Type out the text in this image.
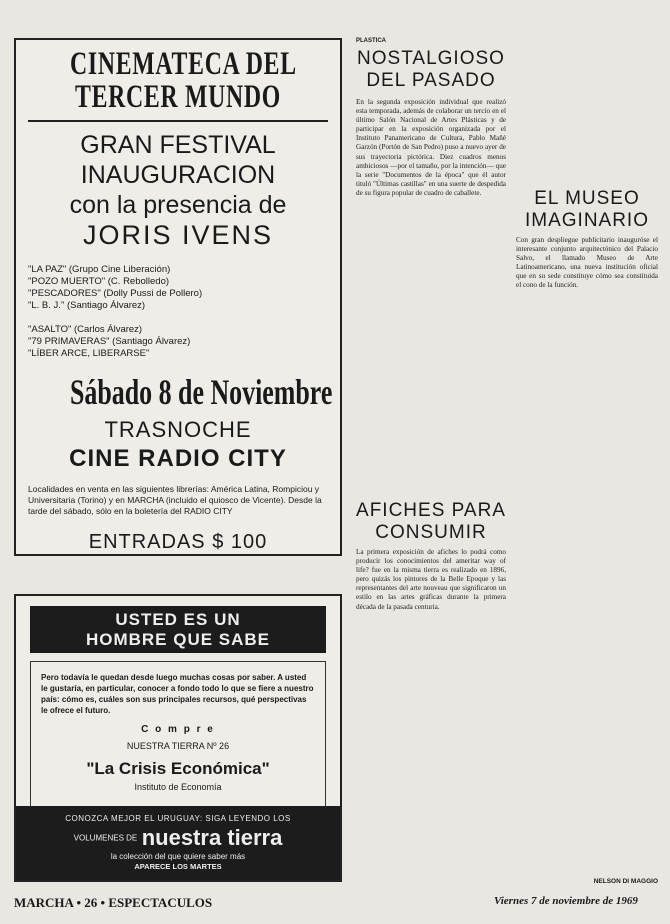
CINEMATECA DEL
TERCER MUNDO
GRAN FESTIVAL
INAUGURACION
con la presencia de
JORIS IVENS
"LA PAZ" (Grupo Cine Liberación)
"POZO MUERTO" (C. Rebolledo)
"PESCADORES" (Dolly Pussi de Pollero)
"L. B. J." (Santiago Álvarez)
"ASALTO" (Carlos Álvarez)
"79 PRIMAVERAS" (Santiago Álvarez)
"LÍBER ARCE, LIBERARSE"
Sábado 8 de Noviembre
TRASNOCHE
CINE RADIO CITY
Localidades en venta en las siguientes librerías: América Latina, Rompiciou y Universitaria (Torino) y en MARCHA (incluido el quiosco de Vicente). Desde la tarde del sábado, sólo en la boletería del RADIO CITY
ENTRADAS $ 100
USTED ES UN
HOMBRE QUE SABE
Pero todavía le quedan desde luego muchas cosas por saber. A usted le gustaría, en particular, conocer a fondo todo lo que se fiere a nuestro país: cómo es, cuáles son sus principales recursos, qué perspectivas le ofrece el futuro.
C o m p r e
NUESTRA TIERRA Nº 26
"La Crisis Económica"
Instituto de Economía
CONOZCA MEJOR EL URUGUAY: SIGA LEYENDO LOS
VOLUMENES DE nuestra tierra
la colección del que quiere saber más
APARECE LOS MARTES
PLASTICA
NOSTALGIOSO
DEL PASADO
En la segunda exposición individual que realizó esta temporada, además de colaborar un tercio en el último Salón Nacional de Artes Plásticas y de participar en la exposición organizada por el Instituto Panamericano de Cultura, Pablo Mañé Garzón (Portón de San Pedro) puso a nuevo ayer de sus trayectoria pictórica. Diez cuadros menos ambiciosos —por el tamaño, por la intención— que la serie "Documentos de la época" que él autor tituló "Últimas castillas" en una suerte de despedida de su figura popular de cuadro de caballete.
AFICHES PARA
CONSUMIR
La primera exposición de afiches lo podrá como producir los conocimientos del ameritar way of life? fue en la misma tierra es realizado en 1896, pero quizás los pintores de la Belle Epoque y las representantes del arte nouveau que significaron un estilo en las artes gráficas durante la primera década de la pasada centuria.
EL MUSEO
IMAGINARIO
Con gran despliegue publicitario inauguróse el interesante conjunto arquitectónico del Palacio Salvo, el llamado Museo de Arte Latinoamericano, una nueva institución oficial que en su sede constituye cómo sea constituida el cono de la función.
NELSON DI MAGGIO
MARCHA • 26 • ESPECTACULOS	Viernes 7 de noviembre de 1969
